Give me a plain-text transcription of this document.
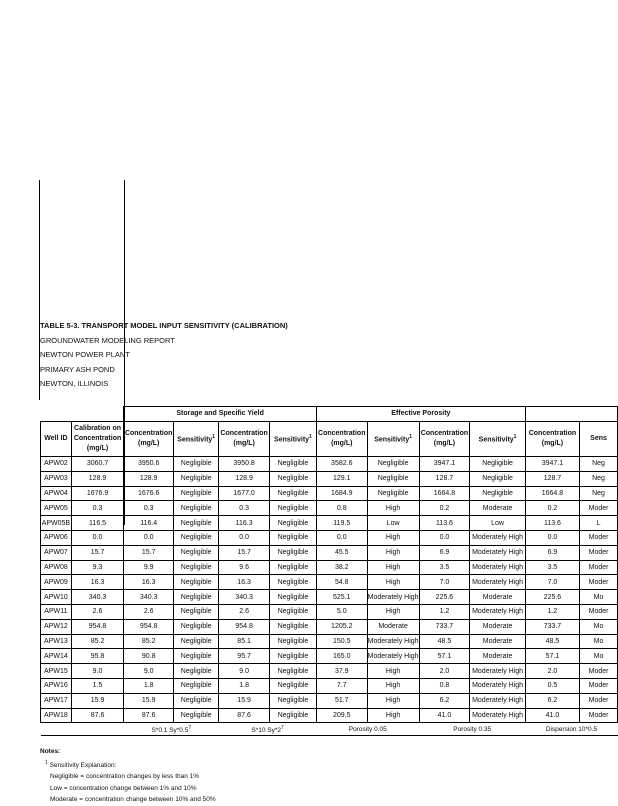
TABLE 5-3. TRANSPORT MODEL INPUT SENSITIVITY (CALIBRATION)
GROUNDWATER MODELING REPORT
NEWTON POWER PLANT
PRIMARY ASH POND
NEWTON, ILLINOIS
		Storage and Specific Yield				Effective Porosity					
Well ID	Calibration on Concentration (mg/L)	Concentration (mg/L)	Sensitivity$^1$	Concentration (mg/L)	Sensitivity$^1$	Concentration (mg/L)	Sensitivity$^1$	Concentration (mg/L)	Sensitivity$^1$	Concentration (mg/L)	Sens
APW02	3060.7	3950.6	Negligible	3950.8	Negligible	3582.6	Negligible	3947.1	Negligible	3947.1	Neg
APW03	128.9	128.9	Negligible	128.9	Negligible	129.1	Negligible	128.7	Negligible	128.7	Neg
APW04	1676.9	1676.6	Negligible	1677.0	Negligible	1684.9	Negligible	1664.8	Negligible	1664.8	Neg
APW05	0.3	0.3	Negligible	0.3	Negligible	0.8	High	0.2	Moderate	0.2	Moder
APW05B	116.5	116.4	Negligible	116.3	Negligible	119.5	Low	113.6	Low	113.6	L
APW06	0.0	0.0	Negligible	0.0	Negligible	0.0	High	0.0	Moderately High	0.0	Moder
APW07	15.7	15.7	Negligible	15.7	Negligible	45.5	High	6.9	Moderately High	6.9	Moder
APW08	9.3	9.9	Negligible	9.6	Negligible	38.2	High	3.5	Moderately High	3.5	Moder
APW09	16.3	16.3	Negligible	16.3	Negligible	54.8	High	7.0	Moderately High	7.0	Moder
APW10	340.3	340.3	Negligible	340.3	Negligible	525.1	Moderately High	225.6	Moderate	225.6	Mo
APW11	2.6	2.6	Negligible	2.6	Negligible	5.0	High	1.2	Moderately High	1.2	Moder
APW12	954.8	954.8	Negligible	954.8	Negligible	1205.2	Moderate	733.7	Moderate	733.7	Mo
APW13	85.2	85.2	Negligible	85.1	Negligible	150.5	Moderately High	48.5	Moderate	48.5	Mo
APW14	95.8	90.8	Negligible	95.7	Negligible	165.0	Moderately High	57.1	Moderate	57.1	Mo
APW15	9.0	9.0	Negligible	9.0	Negligible	37.9	High	2.0	Moderately High	2.0	Moder
APW16	1.5	1.8	Negligible	1.8	Negligible	7.7	High	0.8	Moderately High	0.5	Moder
APW17	15.9	15.9	Negligible	15.9	Negligible	51.7	High	6.2	Moderately High	6.2	Moder
APW18	87.6	87.6	Negligible	87.6	Negligible	209.5	High	41.0	Moderately High	41.0	Moder
		S*0.1 $Sy*0.5^7$		S*10 $Sy*2^7$		Porosity 0.05		Porosity 0.35		Dispersion 10*0.5	
Notes:
$^1$ Sensitivity Explanation:
Negligible = concentration changes by less than 1%
Low = concentration change between 1% and 10%
Moderate = concentration change between 10% and 50%
